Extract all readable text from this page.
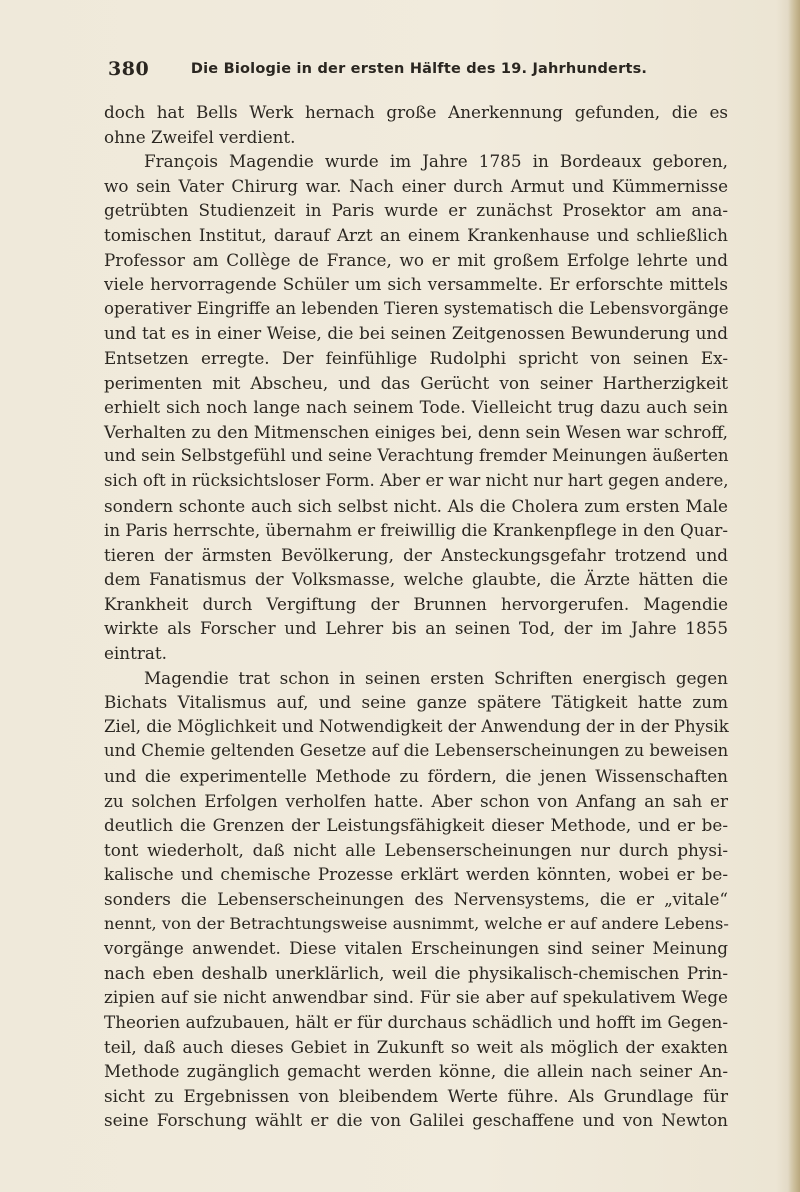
380	Die Biologie in der ersten Hälfte des 19. Jahrhunderts.
doch hat Bells Werk hernach große Anerkennung gefunden, die es
ohne Zweifel verdient.
François Magendie wurde im Jahre 1785 in Bordeaux geboren,
wo sein Vater Chirurg war. Nach einer durch Armut und Kümmernisse
getrübten Studienzeit in Paris wurde er zunächst Prosektor am ana-
tomischen Institut, darauf Arzt an einem Krankenhause und schließlich
Professor am Collège de France, wo er mit großem Erfolge lehrte und
viele hervorragende Schüler um sich versammelte. Er erforschte mittels
operativer Eingriffe an lebenden Tieren systematisch die Lebensvorgänge
und tat es in einer Weise, die bei seinen Zeitgenossen Bewunderung und
Entsetzen erregte. Der feinfühlige Rudolphi spricht von seinen Ex-
perimenten mit Abscheu, und das Gerücht von seiner Hartherzigkeit
erhielt sich noch lange nach seinem Tode. Vielleicht trug dazu auch sein
Verhalten zu den Mitmenschen einiges bei, denn sein Wesen war schroff,
und sein Selbstgefühl und seine Verachtung fremder Meinungen äußerten
sich oft in rücksichtsloser Form. Aber er war nicht nur hart gegen andere,
sondern schonte auch sich selbst nicht. Als die Cholera zum ersten Male
in Paris herrschte, übernahm er freiwillig die Krankenpflege in den Quar-
tieren der ärmsten Bevölkerung, der Ansteckungsgefahr trotzend und
dem Fanatismus der Volksmasse, welche glaubte, die Ärzte hätten die
Krankheit durch Vergiftung der Brunnen hervorgerufen. Magendie
wirkte als Forscher und Lehrer bis an seinen Tod, der im Jahre 1855
eintrat.
Magendie trat schon in seinen ersten Schriften energisch gegen
Bichats Vitalismus auf, und seine ganze spätere Tätigkeit hatte zum
Ziel, die Möglichkeit und Notwendigkeit der Anwendung der in der Physik
und Chemie geltenden Gesetze auf die Lebenserscheinungen zu beweisen
und die experimentelle Methode zu fördern, die jenen Wissenschaften
zu solchen Erfolgen verholfen hatte. Aber schon von Anfang an sah er
deutlich die Grenzen der Leistungsfähigkeit dieser Methode, und er be-
tont wiederholt, daß nicht alle Lebenserscheinungen nur durch physi-
kalische und chemische Prozesse erklärt werden könnten, wobei er be-
sonders die Lebenserscheinungen des Nervensystems, die er „vitale“
nennt, von der Betrachtungsweise ausnimmt, welche er auf andere Lebens-
vorgänge anwendet. Diese vitalen Erscheinungen sind seiner Meinung
nach eben deshalb unerklärlich, weil die physikalisch-chemischen Prin-
zipien auf sie nicht anwendbar sind. Für sie aber auf spekulativem Wege
Theorien aufzubauen, hält er für durchaus schädlich und hofft im Gegen-
teil, daß auch dieses Gebiet in Zukunft so weit als möglich der exakten
Methode zugänglich gemacht werden könne, die allein nach seiner An-
sicht zu Ergebnissen von bleibendem Werte führe. Als Grundlage für
seine Forschung wählt er die von Galilei geschaffene und von Newton
